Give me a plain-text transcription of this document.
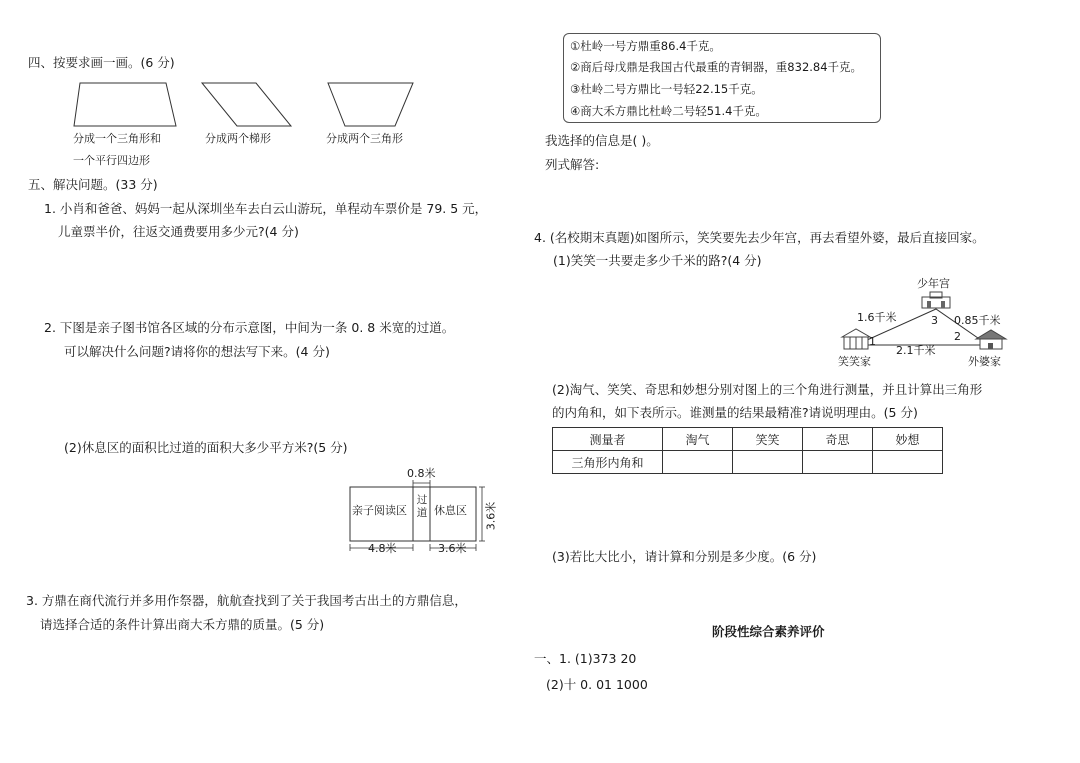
四、按要求画一画。(6 分)
分成一个三角形和
一个平行四边形
分成两个梯形	分成两个三角形
五、解决问题。(33 分)
1. 小肖和爸爸、妈妈一起从深圳坐车去白云山游玩，单程动车票价是 79. 5 元，
儿童票半价，往返交通费要用多少元?(4 分)
2. 下图是亲子图书馆各区域的分布示意图，中间为一条 0. 8 米宽的过道。
可以解决什么问题?请将你的想法写下来。(4 分)
(2)休息区的面积比过道的面积大多少平方米?(5 分)
0.8米
亲子阅读区
过道 休息区 3.6米
4.8米	3.6米
3. 方鼎在商代流行并多用作祭器，航航查找到了关于我国考古出土的方鼎信息，
请选择合适的条件计算出商大禾方鼎的质量。(5 分)
①杜岭一号方鼎重86.4千克。
②商后母戊鼎是我国古代最重的青铜器，重832.84千克。
③杜岭二号方鼎比一号轻22.15千克。
④商大禾方鼎比杜岭二号轻51.4千克。
我选择的信息是( )。
列式解答:
4. (名校期末真题)如图所示，笑笑要先去少年宫，再去看望外婆，最后直接回家。
(1)笑笑一共要走多少千米的路?(4 分)
少年宫
1.6千米	0.85千米
2.1千米
3
1	2
笑笑家	外婆家
(2)淘气、笑笑、奇思和妙想分别对图上的三个角进行测量，并且计算出三角形
的内角和，如下表所示。谁测量的结果最精准?请说明理由。(5 分)
测量者	淘气	笑笑	奇思	妙想
三角形内角和				
(3)若比大比小，请计算和分别是多少度。(6 分)
阶段性综合素养评价
一、1. (1)373 20
(2)十 0. 01 1000
